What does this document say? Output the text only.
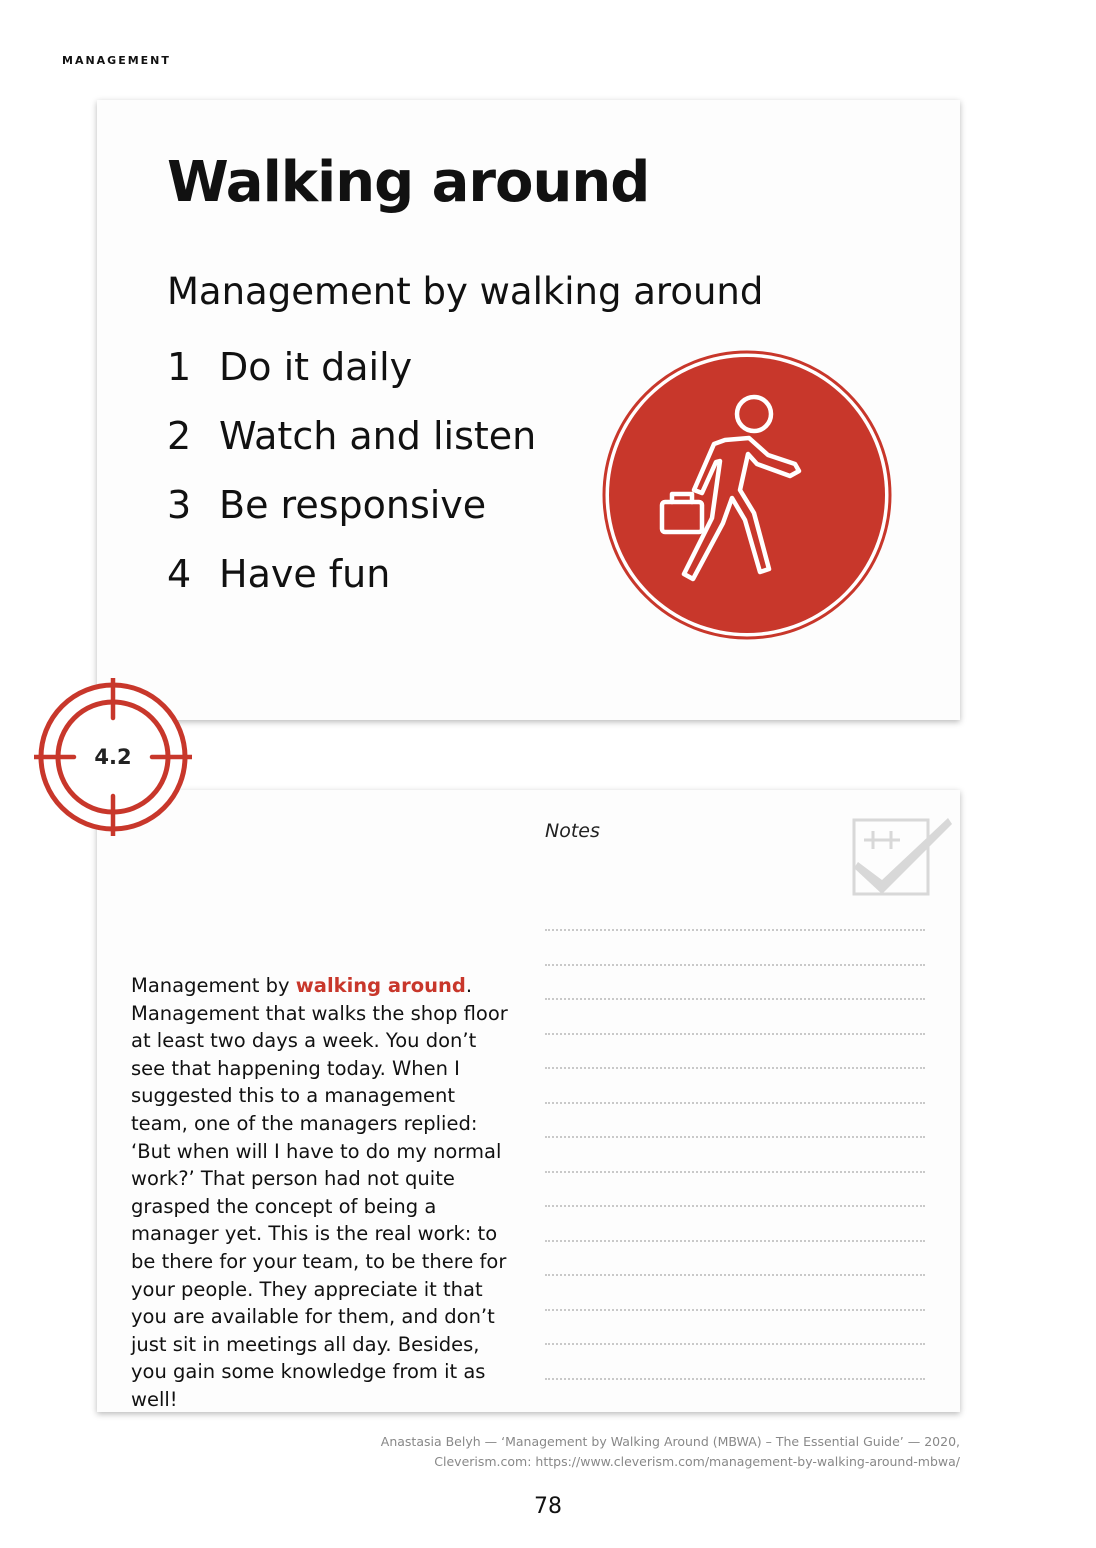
MANAGEMENT
Walking around
Management by walking around
1 Do it daily
2 Watch and listen
3 Be responsive
4 Have fun

Management by walking around. Management that walks the shop floor at least two days a week. You don’t see that happening today. When I suggested this to a management team, one of the managers replied: ‘But when will I have to do my normal work?’ That person had not quite grasped the concept of being a manager yet. This is the real work: to be there for your team, to be there for your people. They appreciate it that you are available for them, and don’t just sit in meetings all day. Besides, you gain some knowledge from it as well!

Notes
4.2
Anastasia Belyh — ‘Management by Walking Around (MBWA) – The Essential Guide’ — 2020,
Cleverism.com: https://www.cleverism.com/management-by-walking-around-mbwa/
78
